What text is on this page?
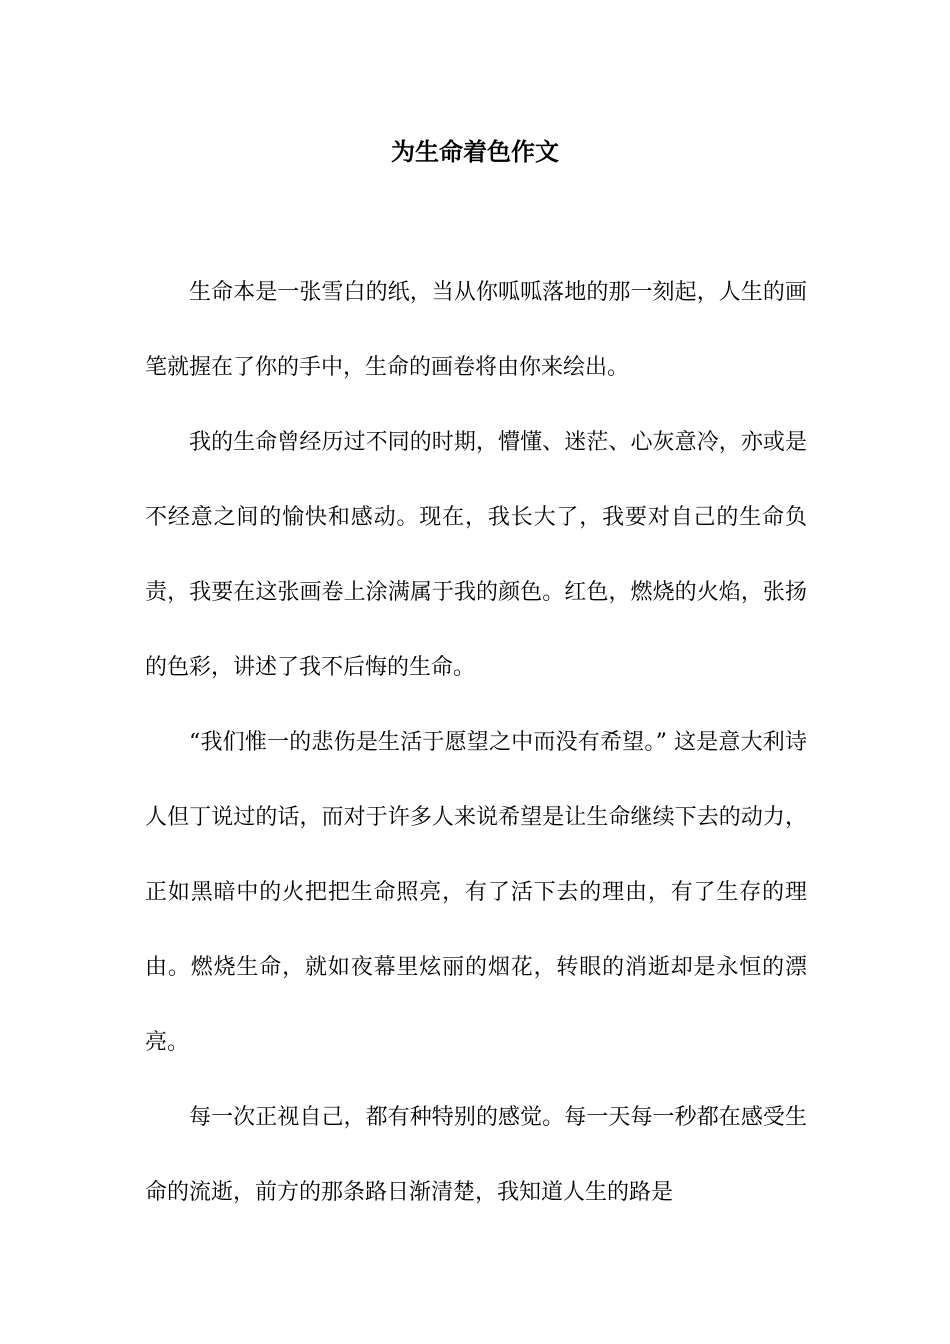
为生命着色作文

生命本是一张雪白的纸，当从你呱呱落地的那一刻起，人生的画笔就握在了你的手中，生命的画卷将由你来绘出。

我的生命曾经历过不同的时期，懵懂、迷茫、心灰意冷，亦或是不经意之间的愉快和感动。现在，我长大了，我要对自己的生命负责，我要在这张画卷上涂满属于我的颜色。红色，燃烧的火焰，张扬的色彩，讲述了我不后悔的生命。

“我们惟一的悲伤是生活于愿望之中而没有希望。” 这是意大利诗人但丁说过的话，而对于许多人来说希望是让生命继续下去的动力，正如黑暗中的火把把生命照亮，有了活下去的理由，有了生存的理由。燃烧生命，就如夜幕里炫丽的烟花，转眼的消逝却是永恒的漂亮。

每一次正视自己，都有种特别的感觉。每一天每一秒都在感受生命的流逝，前方的那条路日渐清楚，我知道人生的路是
